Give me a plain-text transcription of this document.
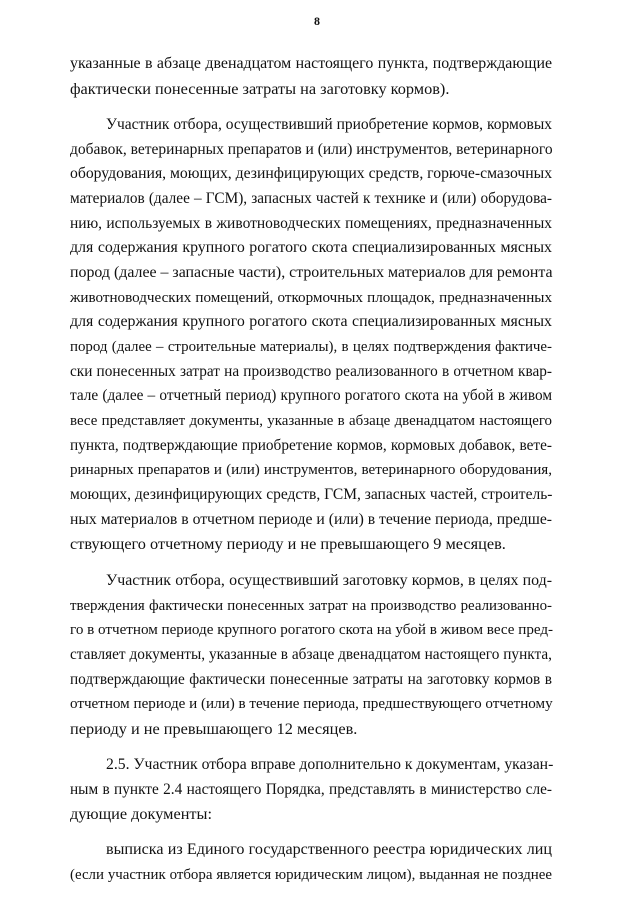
8
указанные в абзаце двенадцатом настоящего пункта, подтверждающие
фактически понесенные затраты на заготовку кормов).
Участник отбора, осуществивший приобретение кормов, кормовых
добавок, ветеринарных препаратов и (или) инструментов, ветеринарного
оборудования, моющих, дезинфицирующих средств, горюче-смазочных
материалов (далее – ГСМ), запасных частей к технике и (или) оборудова-
нию, используемых в животноводческих помещениях, предназначенных
для содержания крупного рогатого скота специализированных мясных
пород (далее – запасные части), строительных материалов для ремонта
животноводческих помещений, откормочных площадок, предназначенных
для содержания крупного рогатого скота специализированных мясных
пород (далее – строительные материалы), в целях подтверждения фактиче-
ски понесенных затрат на производство реализованного в отчетном квар-
тале (далее – отчетный период) крупного рогатого скота на убой в живом
весе представляет документы, указанные в абзаце двенадцатом настоящего
пункта, подтверждающие приобретение кормов, кормовых добавок, вете-
ринарных препаратов и (или) инструментов, ветеринарного оборудования,
моющих, дезинфицирующих средств, ГСМ, запасных частей, строитель-
ных материалов в отчетном периоде и (или) в течение периода, предше-
ствующего отчетному периоду и не превышающего 9 месяцев.
Участник отбора, осуществивший заготовку кормов, в целях под-
тверждения фактически понесенных затрат на производство реализованно-
го в отчетном периоде крупного рогатого скота на убой в живом весе пред-
ставляет документы, указанные в абзаце двенадцатом настоящего пункта,
подтверждающие фактически понесенные затраты на заготовку кормов в
отчетном периоде и (или) в течение периода, предшествующего отчетному
периоду и не превышающего 12 месяцев.
2.5. Участник отбора вправе дополнительно к документам, указан-
ным в пункте 2.4 настоящего Порядка, представлять в министерство сле-
дующие документы:
выписка из Единого государственного реестра юридических лиц
(если участник отбора является юридическим лицом), выданная не позднее
